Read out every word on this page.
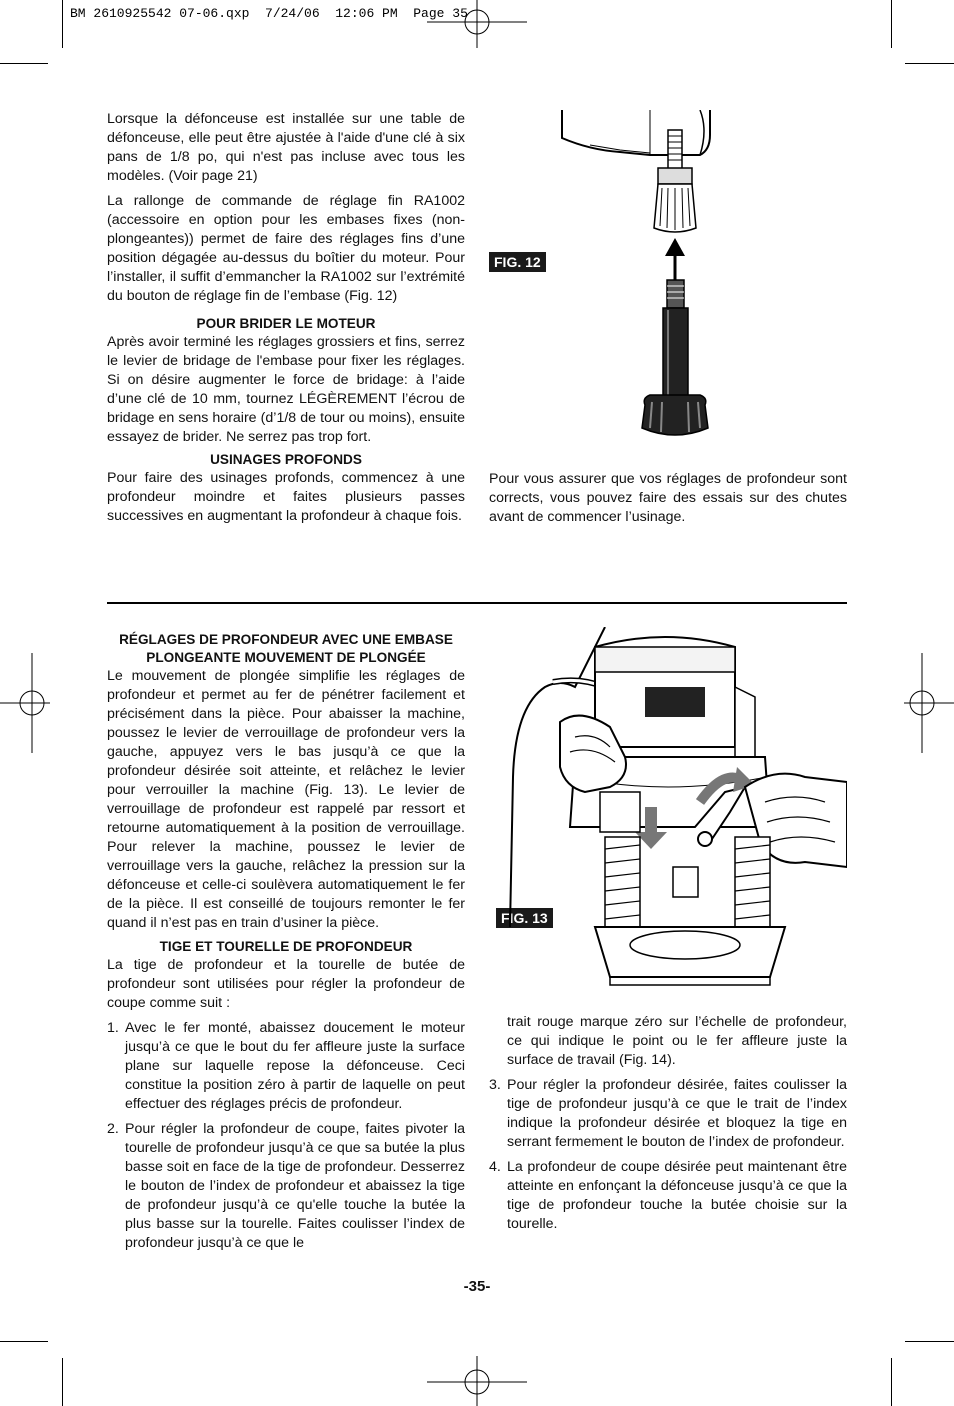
BM 2610925542 07-06.qxp  7/24/06  12:06 PM  Page 35

Lorsque la défonceuse est installée sur une table de défonceuse, elle peut être ajustée à l'aide d'une clé à six pans de 1/8 po, qui n'est pas incluse avec tous les modèles. (Voir page 21)

La rallonge de commande de réglage fin RA1002 (accessoire en option pour les embases fixes (non-plongeantes)) permet de faire des réglages fins d’une position dégagée au-dessus du boîtier du moteur. Pour l’installer, il suffit d’emmancher la RA1002 sur l’extrémité du bouton de réglage fin de l’embase (Fig. 12)

POUR BRIDER LE MOTEUR

Après avoir terminé les réglages grossiers et fins, serrez le levier de bridage de l'embase pour fixer les réglages. Si on désire augmenter le force de bridage: à l’aide d’une clé de 10 mm, tournez LÉGÈREMENT l’écrou de bridage en sens horaire (d’1/8 de tour ou moins), ensuite essayez de brider. Ne serrez pas trop fort.

USINAGES PROFONDS

Pour faire des usinages profonds, commencez à une profondeur moindre et faites plusieurs passes successives en augmentant la profondeur à chaque fois.

FIG. 12

Pour vous assurer que vos réglages de profondeur sont corrects, vous pouvez faire des essais sur des chutes avant de commencer l’usinage.

RÉGLAGES DE PROFONDEUR AVEC UNE EMBASE

PLONGEANTE MOUVEMENT DE PLONGÉE

Le mouvement de plongée simplifie les réglages de profondeur et permet au fer de pénétrer facilement et précisément dans la pièce. Pour abaisser la machine, poussez le levier de verrouillage de profondeur vers la gauche, appuyez vers le bas jusqu’à ce que la profondeur désirée soit atteinte, et relâchez le levier pour verrouiller la machine (Fig. 13). Le levier de verrouillage de profondeur est rappelé par ressort et retourne automatiquement à la position de verrouillage. Pour relever la machine, poussez le levier de verrouillage vers la gauche, relâchez la pression sur la défonceuse et celle-ci soulèvera automatiquement le fer de la pièce. Il est conseillé de toujours remonter le fer quand il n’est pas en train d’usiner la pièce.

TIGE ET TOURELLE DE PROFONDEUR

La tige de profondeur et la tourelle de butée de profondeur sont utilisées pour régler la profondeur de coupe comme suit :

1. Avec le fer monté, abaissez doucement le moteur jusqu’à ce que le bout du fer affleure juste la surface plane sur laquelle repose la défonceuse. Ceci constitue la position zéro à partir de laquelle on peut effectuer des réglages précis de profondeur.
2. Pour régler la profondeur de coupe, faites pivoter la tourelle de profondeur jusqu’à ce que sa butée la plus basse soit en face de la tige de profondeur. Desserrez le bouton de l’index de profondeur et abaissez la tige de profondeur jusqu’à ce qu'elle touche la butée la plus basse sur la tourelle. Faites coulisser l’index de profondeur jusqu’à ce que le
FIG. 13

trait rouge marque zéro sur l’échelle de profondeur, ce qui indique le point ou le fer affleure juste la surface de travail (Fig. 14).

3. Pour régler la profondeur désirée, faites coulisser la tige de profondeur jusqu’à ce que le trait de l’index indique la profondeur désirée et bloquez la tige en serrant fermement le bouton de l’index de profondeur.
4. La profondeur de coupe désirée peut maintenant être atteinte en enfonçant la défonceuse jusqu’à ce que la tige de profondeur touche la butée choisie sur la tourelle.
-35-
